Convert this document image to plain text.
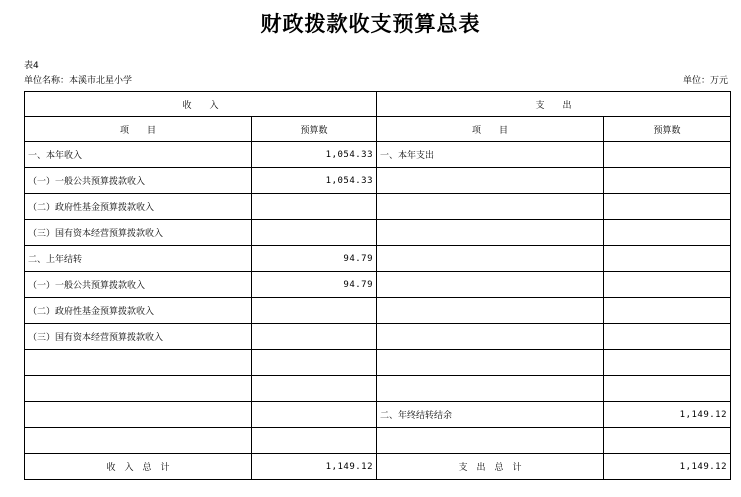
财政拨款收支预算总表
表4
单位名称：本溪市北星小学	单位：万元
收　　入		支　　出	
项　　目	预算数	项　　目	预算数
一、本年收入	1,054.33	一、本年支出	
（一）一般公共预算拨款收入	1,054.33		
（二）政府性基金预算拨款收入			
（三）国有资本经营预算拨款收入			
二、上年结转	94.79		
（一）一般公共预算拨款收入	94.79		
（二）政府性基金预算拨款收入			
（三）国有资本经营预算拨款收入			

		二、年终结转结余	1,149.12

收　入　总　计	1,149.12	支　出　总　计	1,149.12
